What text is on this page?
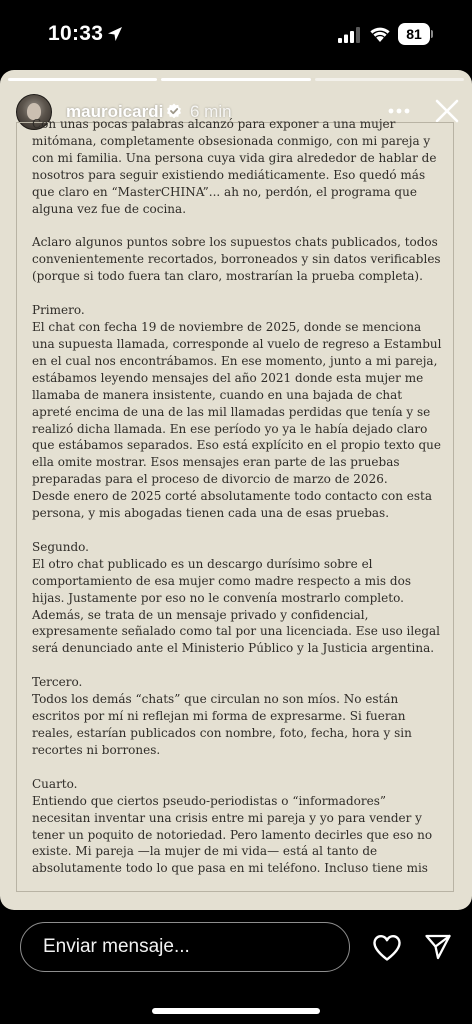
10:33	81
mauroicardi 6 min

Con unas pocas palabras alcanzó para exponer a una mujer mitómana, completamente obsesionada conmigo, con mi pareja y con mi familia. Una persona cuya vida gira alrededor de hablar de nosotros para seguir existiendo mediáticamente. Eso quedó más que claro en “MasterCHINA”... ah no, perdón, el programa que alguna vez fue de cocina.

Aclaro algunos puntos sobre los supuestos chats publicados, todos convenientemente recortados, borroneados y sin datos verificables (porque si todo fuera tan claro, mostrarían la prueba completa).

Primero.

El chat con fecha 19 de noviembre de 2025, donde se menciona una supuesta llamada, corresponde al vuelo de regreso a Estambul en el cual nos encontrábamos. En ese momento, junto a mi pareja, estábamos leyendo mensajes del año 2021 donde esta mujer me llamaba de manera insistente, cuando en una bajada de chat apreté encima de una de las mil llamadas perdidas que tenía y se realizó dicha llamada. En ese período yo ya le había dejado claro que estábamos separados. Eso está explícito en el propio texto que ella omite mostrar. Esos mensajes eran parte de las pruebas preparadas para el proceso de divorcio de marzo de 2026.

Desde enero de 2025 corté absolutamente todo contacto con esta persona, y mis abogadas tienen cada una de esas pruebas.

Segundo.

El otro chat publicado es un descargo durísimo sobre el comportamiento de esa mujer como madre respecto a mis dos hijas. Justamente por eso no le convenía mostrarlo completo. Además, se trata de un mensaje privado y confidencial, expresamente señalado como tal por una licenciada. Ese uso ilegal será denunciado ante el Ministerio Público y la Justicia argentina.

Tercero.

Todos los demás “chats” que circulan no son míos. No están escritos por mí ni reflejan mi forma de expresarme. Si fueran reales, estarían publicados con nombre, foto, fecha, hora y sin recortes ni borrones.

Cuarto.

Entiendo que ciertos pseudo-periodistas o “informadores” necesitan inventar una crisis entre mi pareja y yo para vender y tener un poquito de notoriedad. Pero lamento decirles que eso no existe. Mi pareja —la mujer de mi vida— está al tanto de absolutamente todo lo que pasa en mi teléfono. Incluso tiene mis

Enviar mensaje...
